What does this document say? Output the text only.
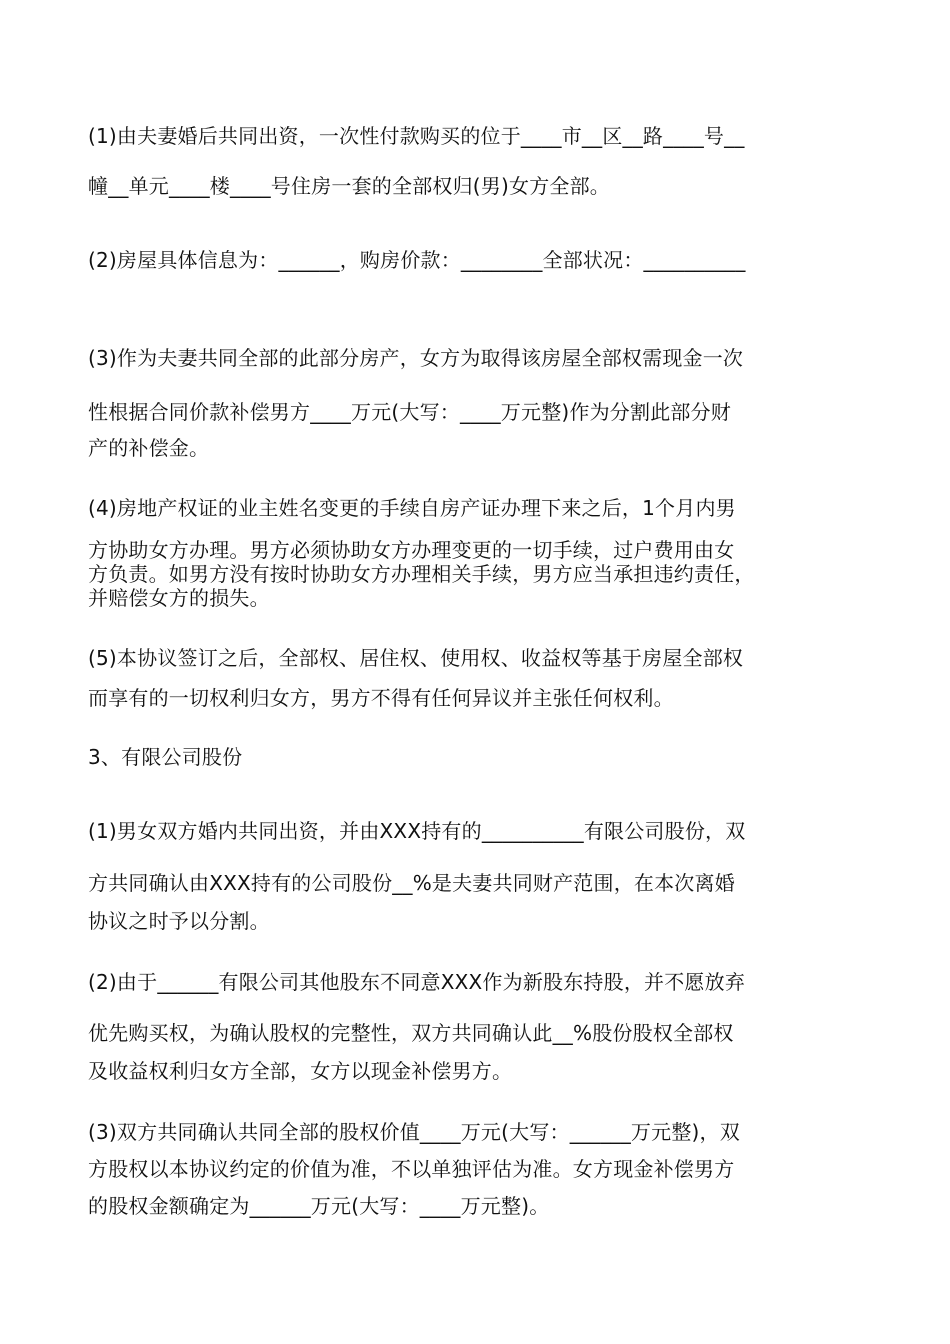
(1)由夫妻婚后共同出资，一次性付款购买的位于____市__区__路____号__
幢__单元____楼____号住房一套的全部权归(男)女方全部。
(2)房屋具体信息为：______，购房价款：________全部状况：__________
(3)作为夫妻共同全部的此部分房产，女方为取得该房屋全部权需现金一次
性根据合同价款补偿男方____万元(大写：____万元整)作为分割此部分财
产的补偿金。
(4)房地产权证的业主姓名变更的手续自房产证办理下来之后，1个月内男
方协助女方办理。男方必须协助女方办理变更的一切手续，过户费用由女
方负责。如男方没有按时协助女方办理相关手续，男方应当承担违约责任，
并赔偿女方的损失。
(5)本协议签订之后，全部权、居住权、使用权、收益权等基于房屋全部权
而享有的一切权利归女方，男方不得有任何异议并主张任何权利。
3、有限公司股份
(1)男女双方婚内共同出资，并由XXX持有的__________有限公司股份，双
方共同确认由XXX持有的公司股份__%是夫妻共同财产范围，在本次离婚
协议之时予以分割。
(2)由于______有限公司其他股东不同意XXX作为新股东持股，并不愿放弃
优先购买权，为确认股权的完整性，双方共同确认此__%股份股权全部权
及收益权利归女方全部，女方以现金补偿男方。
(3)双方共同确认共同全部的股权价值____万元(大写：______万元整)，双
方股权以本协议约定的价值为准，不以单独评估为准。女方现金补偿男方
的股权金额确定为______万元(大写：____万元整)。
